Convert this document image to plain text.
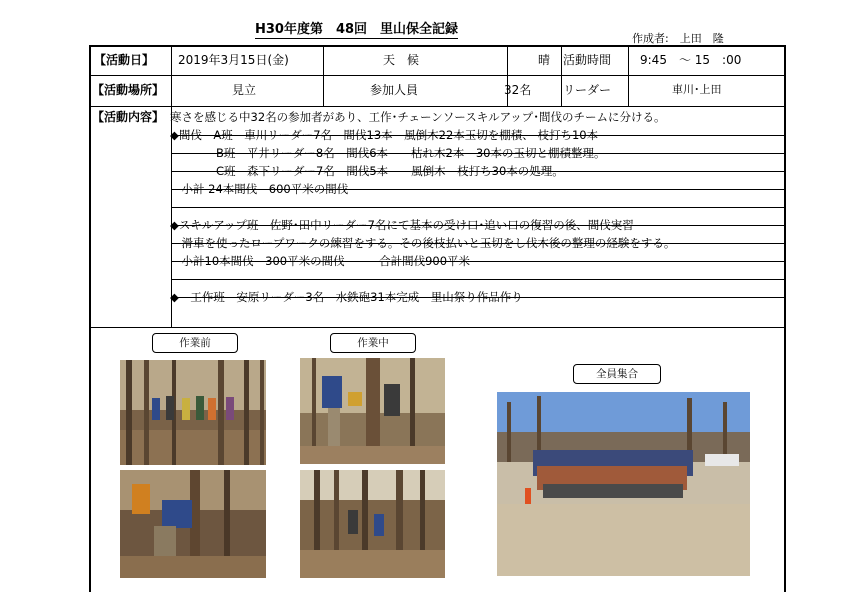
H30年度第　48回　里山保全記録
作成者:　上田　隆
【活動日】 2019年3月15日(金)	天　候	晴 活動時間 9:45　～ 15　:00
【活動場所】	見立	参加人員	32名	リーダー	車川･上田
【活動内容】 寒さを感じる中32名の参加者があり、工作･チェーンソースキルアップ･間伐のチームに分ける。
◆間伐　A班　車川リーダー7名　間伐13本　風倒木22本玉切を棚積、 枝打ち10本
　　　　B班　平井リーダー8名　間伐6本　　枯れ木2本　30本の玉切と棚積整理。
　　　　C班　森下リーダー7名　間伐5本　　風倒木　枝打ち30本の処理。
　小計 24本間伐　600平米の間伐
◆スキルアップ班　佐野･田中リーダー7名にて基本の受け口･追い口の復習の後、間伐実習
　滑車を使ったロープワークの練習をする。その後枝払いと玉切をし伐木後の整理の経験をする。
　小計10本間伐　300平米の間伐　　　合計間伐900平米
◆　工作班　安原リーダー3名　水鉄砲31本完成　里山祭り作品作り
作業前	作業中
全員集合
